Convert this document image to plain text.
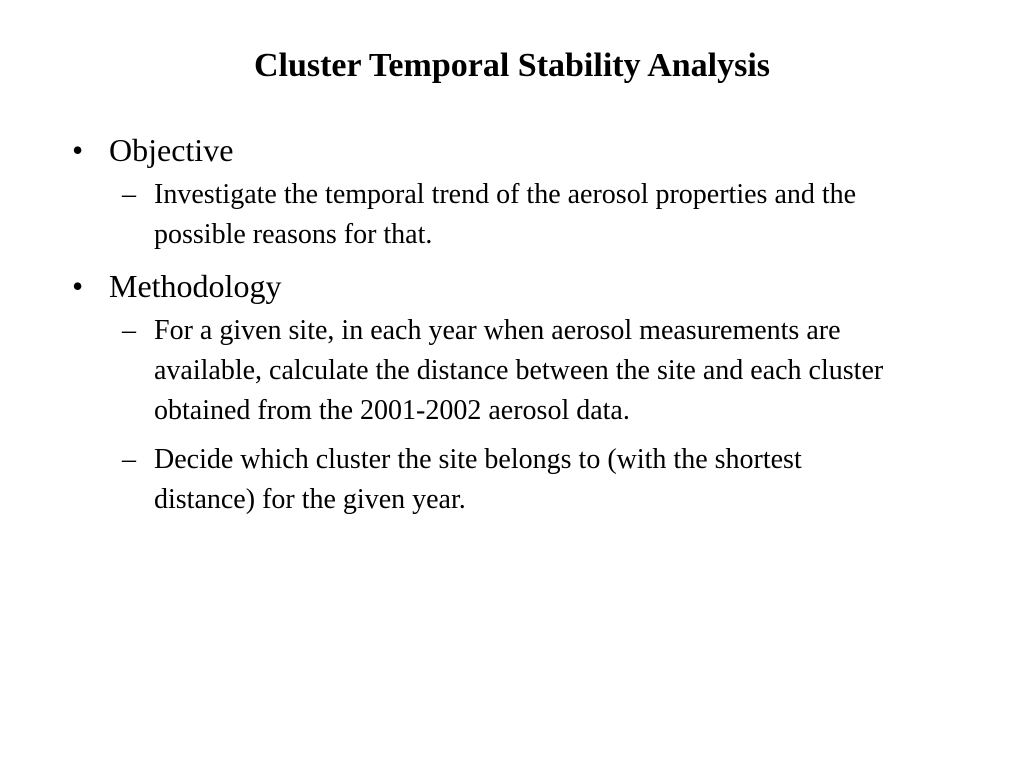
Cluster Temporal Stability Analysis
• Objective
– Investigate the temporal trend of the aerosol properties and the possible reasons for that.
• Methodology
– For a given site, in each year when aerosol measurements are available, calculate the distance between the site and each cluster obtained from the 2001-2002 aerosol data.
– Decide which cluster the site belongs to (with the shortest distance) for the given year.
